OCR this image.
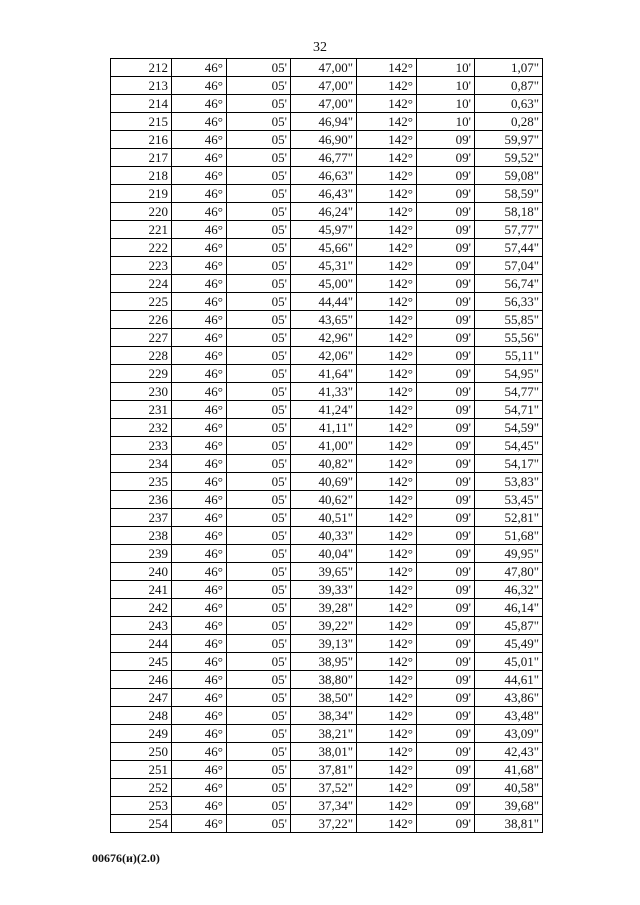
32
212	46°	05'	47,00"	142°	10'	1,07"
213	46°	05'	47,00"	142°	10'	0,87"
214	46°	05'	47,00"	142°	10'	0,63"
215	46°	05'	46,94"	142°	10'	0,28"
216	46°	05'	46,90"	142°	09'	59,97"
217	46°	05'	46,77"	142°	09'	59,52"
218	46°	05'	46,63"	142°	09'	59,08"
219	46°	05'	46,43"	142°	09'	58,59"
220	46°	05'	46,24"	142°	09'	58,18"
221	46°	05'	45,97"	142°	09'	57,77"
222	46°	05'	45,66"	142°	09'	57,44"
223	46°	05'	45,31"	142°	09'	57,04"
224	46°	05'	45,00"	142°	09'	56,74"
225	46°	05'	44,44"	142°	09'	56,33"
226	46°	05'	43,65"	142°	09'	55,85"
227	46°	05'	42,96"	142°	09'	55,56"
228	46°	05'	42,06"	142°	09'	55,11"
229	46°	05'	41,64"	142°	09'	54,95"
230	46°	05'	41,33"	142°	09'	54,77"
231	46°	05'	41,24"	142°	09'	54,71"
232	46°	05'	41,11"	142°	09'	54,59"
233	46°	05'	41,00"	142°	09'	54,45"
234	46°	05'	40,82"	142°	09'	54,17"
235	46°	05'	40,69"	142°	09'	53,83"
236	46°	05'	40,62"	142°	09'	53,45"
237	46°	05'	40,51"	142°	09'	52,81"
238	46°	05'	40,33"	142°	09'	51,68"
239	46°	05'	40,04"	142°	09'	49,95"
240	46°	05'	39,65"	142°	09'	47,80"
241	46°	05'	39,33"	142°	09'	46,32"
242	46°	05'	39,28"	142°	09'	46,14"
243	46°	05'	39,22"	142°	09'	45,87"
244	46°	05'	39,13"	142°	09'	45,49"
245	46°	05'	38,95"	142°	09'	45,01"
246	46°	05'	38,80"	142°	09'	44,61"
247	46°	05'	38,50"	142°	09'	43,86"
248	46°	05'	38,34"	142°	09'	43,48"
249	46°	05'	38,21"	142°	09'	43,09"
250	46°	05'	38,01"	142°	09'	42,43"
251	46°	05'	37,81"	142°	09'	41,68"
252	46°	05'	37,52"	142°	09'	40,58"
253	46°	05'	37,34"	142°	09'	39,68"
254	46°	05'	37,22"	142°	09'	38,81"
00676(и)(2.0)
